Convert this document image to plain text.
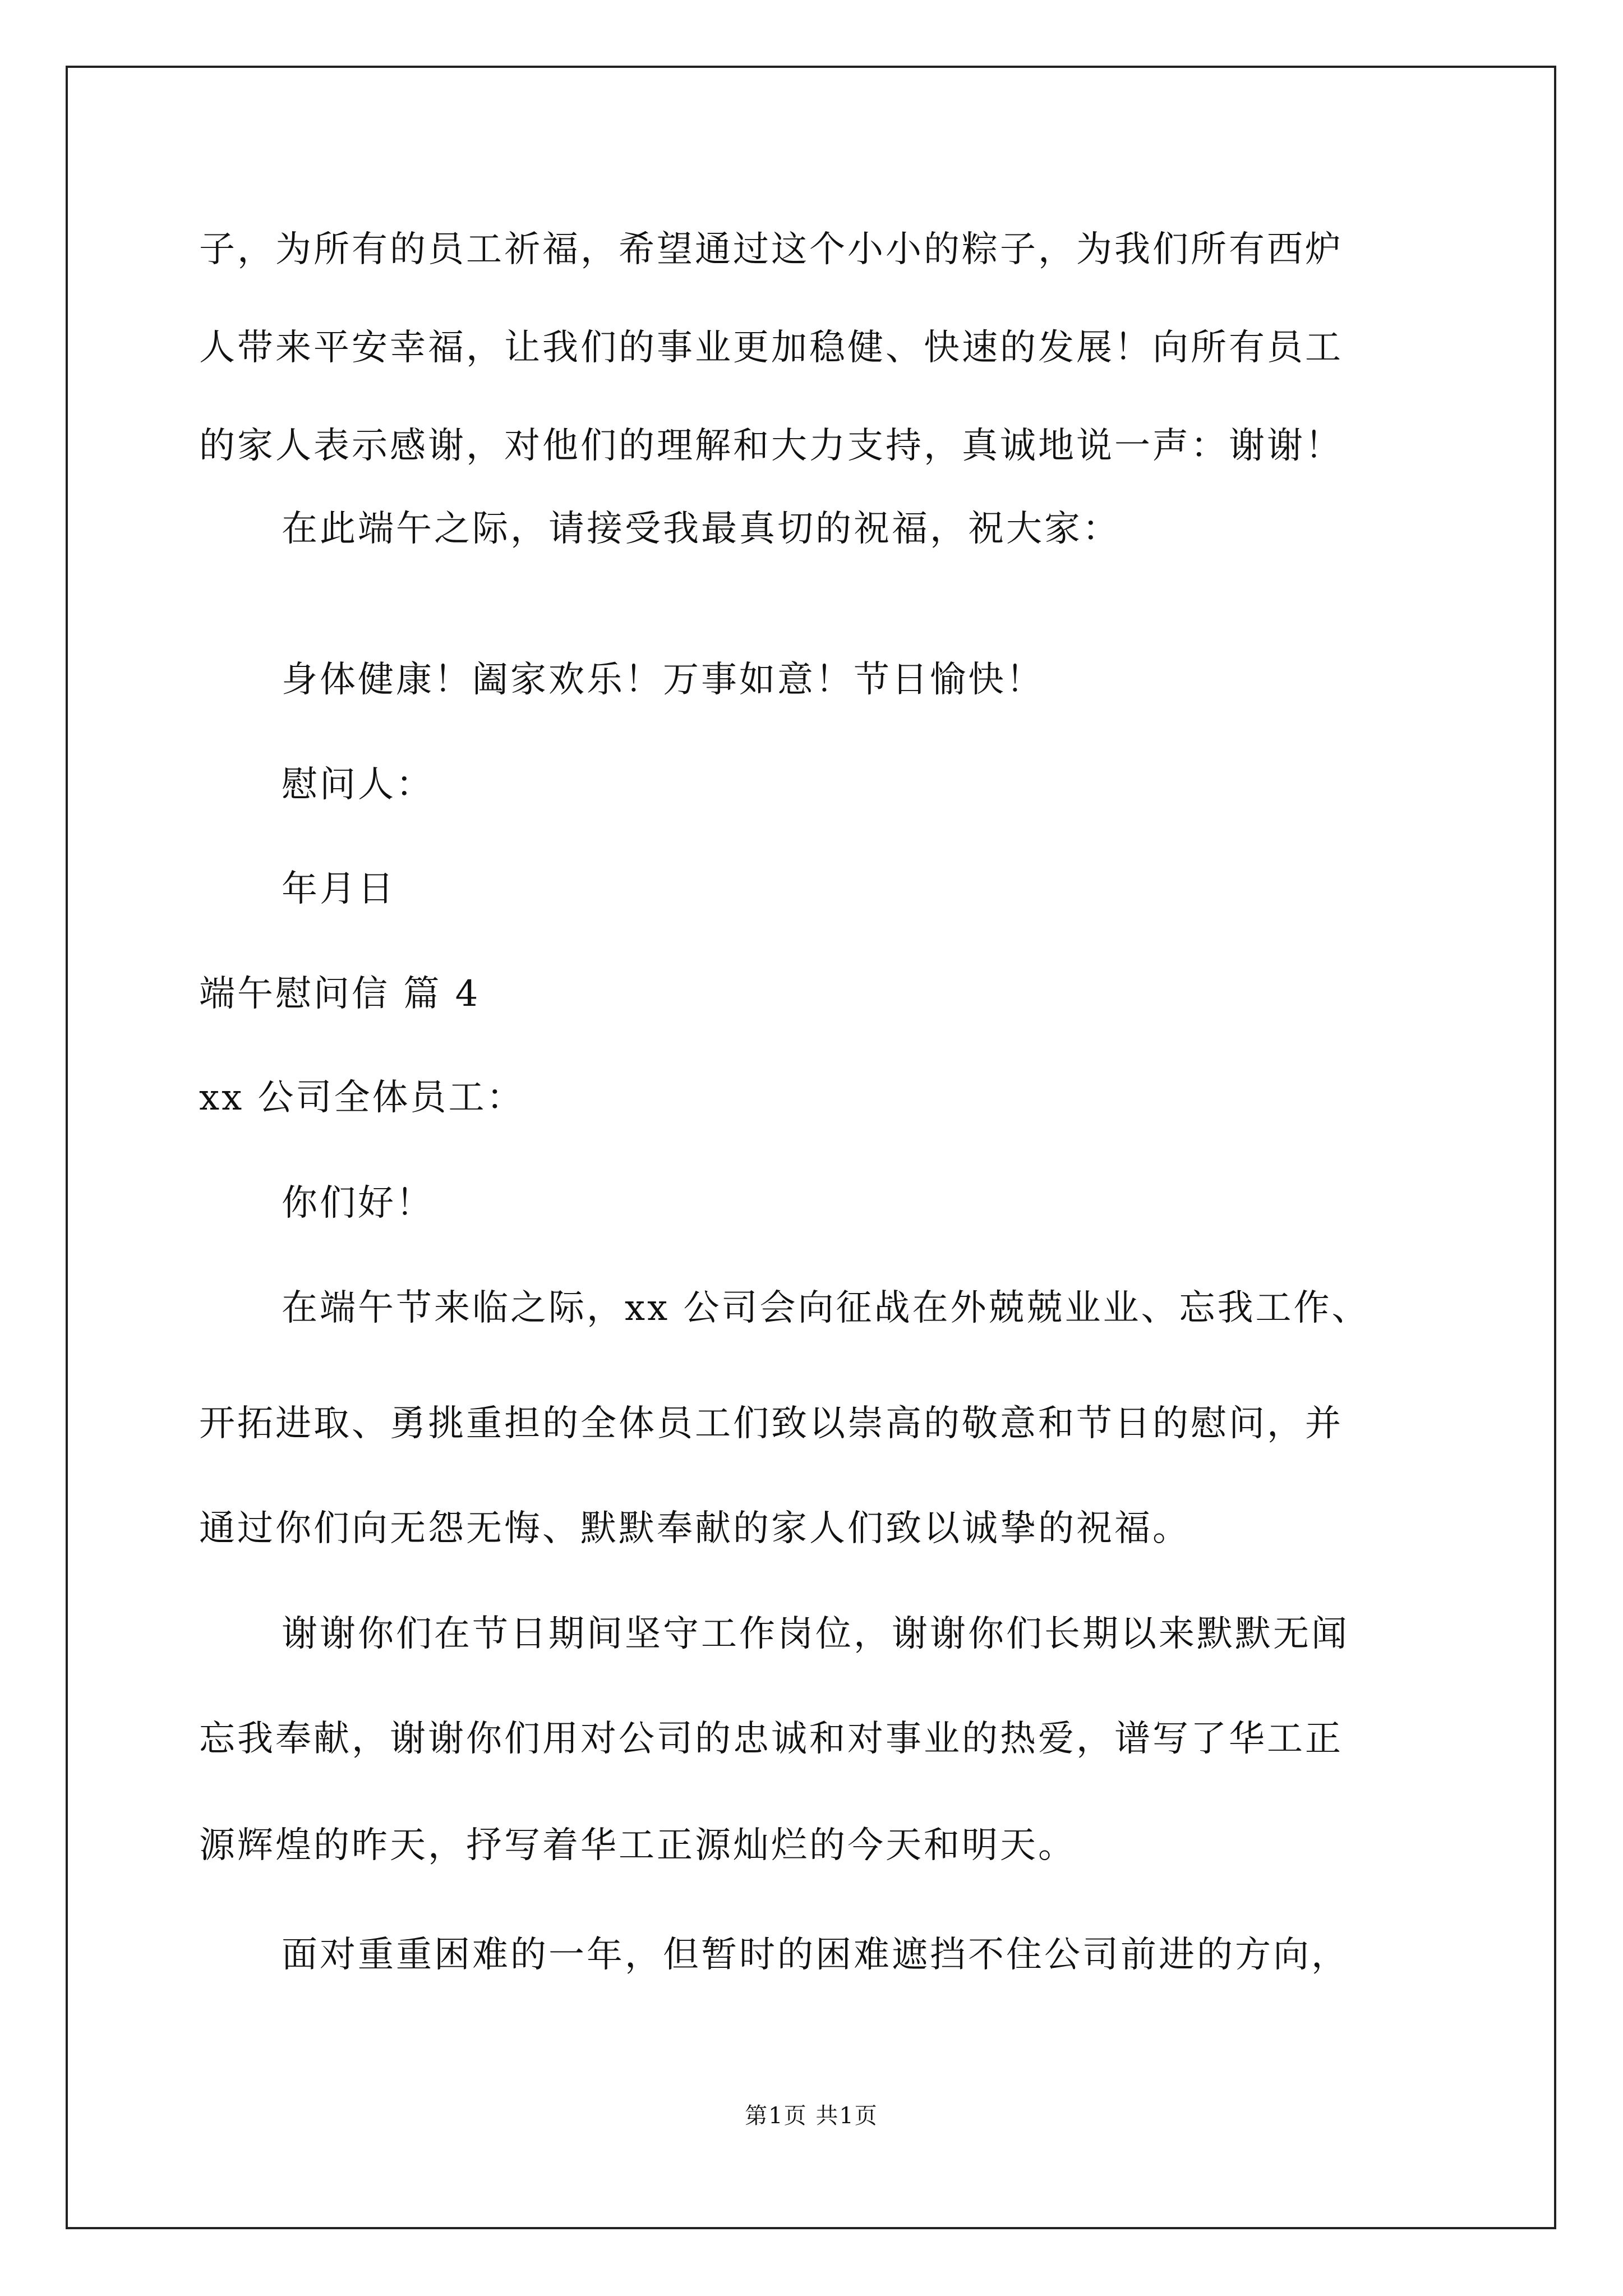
子，为所有的员工祈福，希望通过这个小小的粽子，为我们所有西炉
人带来平安幸福，让我们的事业更加稳健、快速的发展！向所有员工
的家人表示感谢，对他们的理解和大力支持，真诚地说一声：谢谢！
在此端午之际，请接受我最真切的祝福，祝大家：
身体健康！阖家欢乐！万事如意！节日愉快！
慰问人：
年月日
端午慰问信 篇 4
xx 公司全体员工：
你们好！
在端午节来临之际，xx 公司会向征战在外兢兢业业、忘我工作、
开拓进取、勇挑重担的全体员工们致以崇高的敬意和节日的慰问，并
通过你们向无怨无悔、默默奉献的家人们致以诚挚的祝福。
谢谢你们在节日期间坚守工作岗位，谢谢你们长期以来默默无闻
忘我奉献，谢谢你们用对公司的忠诚和对事业的热爱，谱写了华工正
源辉煌的昨天，抒写着华工正源灿烂的今天和明天。
面对重重困难的一年，但暂时的困难遮挡不住公司前进的方向，
第1页 共1页
